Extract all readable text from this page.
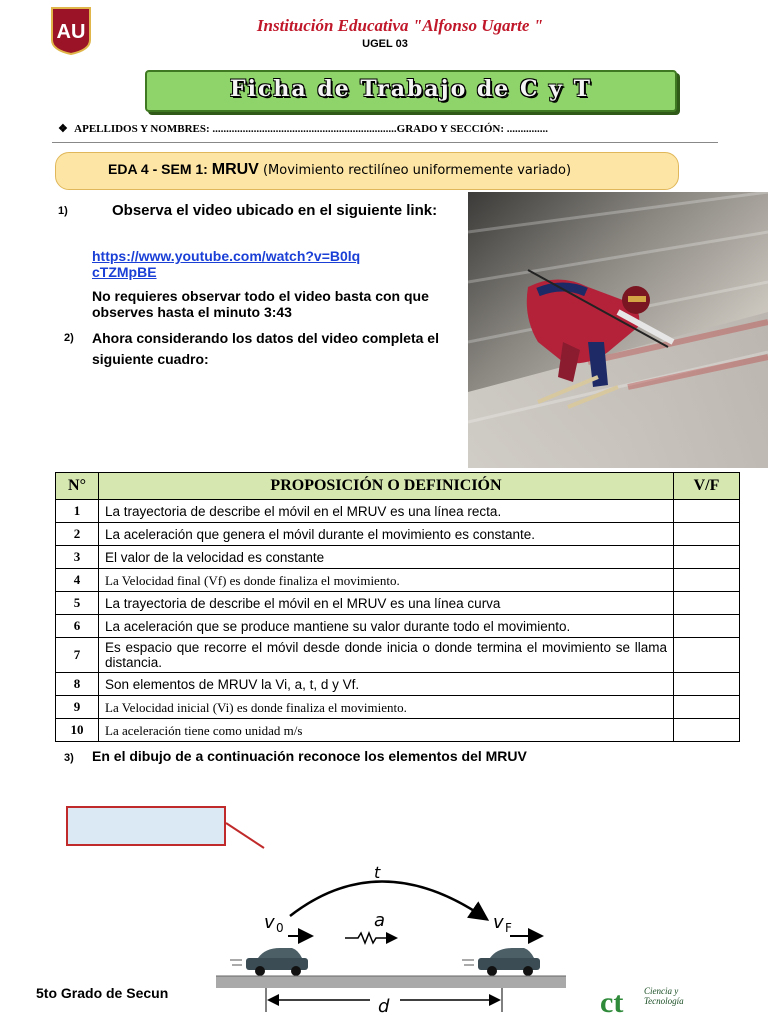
AU	Institución Educativa "Alfonso Ugarte "
UGEL 03
Ficha de Trabajo de C y T
❖ APELLIDOS Y NOMBRES: ...................................................................GRADO Y SECCIÓN: ...............
EDA 4 - SEM 1: MRUV (Movimiento rectilíneo uniformemente variado)
1)	Observa el video ubicado en el siguiente link:
https://www.youtube.com/watch?v=B0lqcTZMpBE
No requieres observar todo el video basta con que observes hasta el minuto 3:43
2) Ahora considerando los datos del video completa el siguiente cuadro:
N°	PROPOSICIÓN O DEFINICIÓN	V/F
1	La trayectoria de describe el móvil en el MRUV es una línea recta.	
2	La aceleración que genera el móvil durante el movimiento es constante.	
3	El valor de la velocidad es constante	
4	La Velocidad final (Vf) es donde finaliza el movimiento.	
5	La trayectoria de describe el móvil en el MRUV es una línea curva	
6	La aceleración que se produce mantiene su valor durante todo el movimiento.	
7	Es espacio que recorre el móvil desde donde inicia o donde termina el movimiento se llama distancia.	
8	Son elementos de MRUV la Vi, a, t, d y Vf.	
9	La Velocidad inicial (Vi) es donde finaliza el movimiento.	
10	La aceleración tiene como unidad m/s	
3) En el dibujo de a continuación reconoce los elementos del MRUV
t
v 0	a	v F
d
5to Grado de Secun	ct Ciencia y
Tecnología
